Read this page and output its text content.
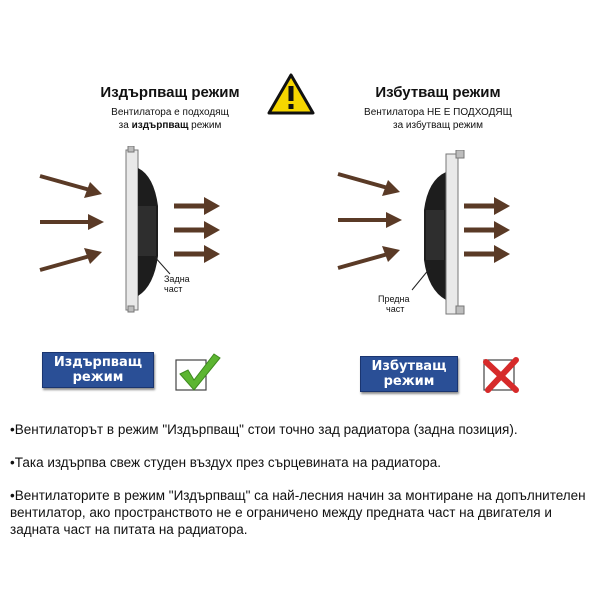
Издърпващ режим
Вентилатора е подходящ
за издърпващ режим
Задна
част
Издърпващ
режим
Избутващ режим
Вентилатора НЕ Е ПОДХОДЯЩ
за избутващ режим
Предна
част
Избутващ
режим
•Вентилаторът в режим "Издърпващ" стои точно зад радиатора (задна позиция).
•Така издърпва свеж студен въздух през сърцевината на радиатора.
•Вентилаторите в режим "Издърпващ" са най-лесния начин за монтиране на допълнителен вентилатор, ако пространството не е ограничено между предната част на двигателя и задната част на питата на радиатора.
